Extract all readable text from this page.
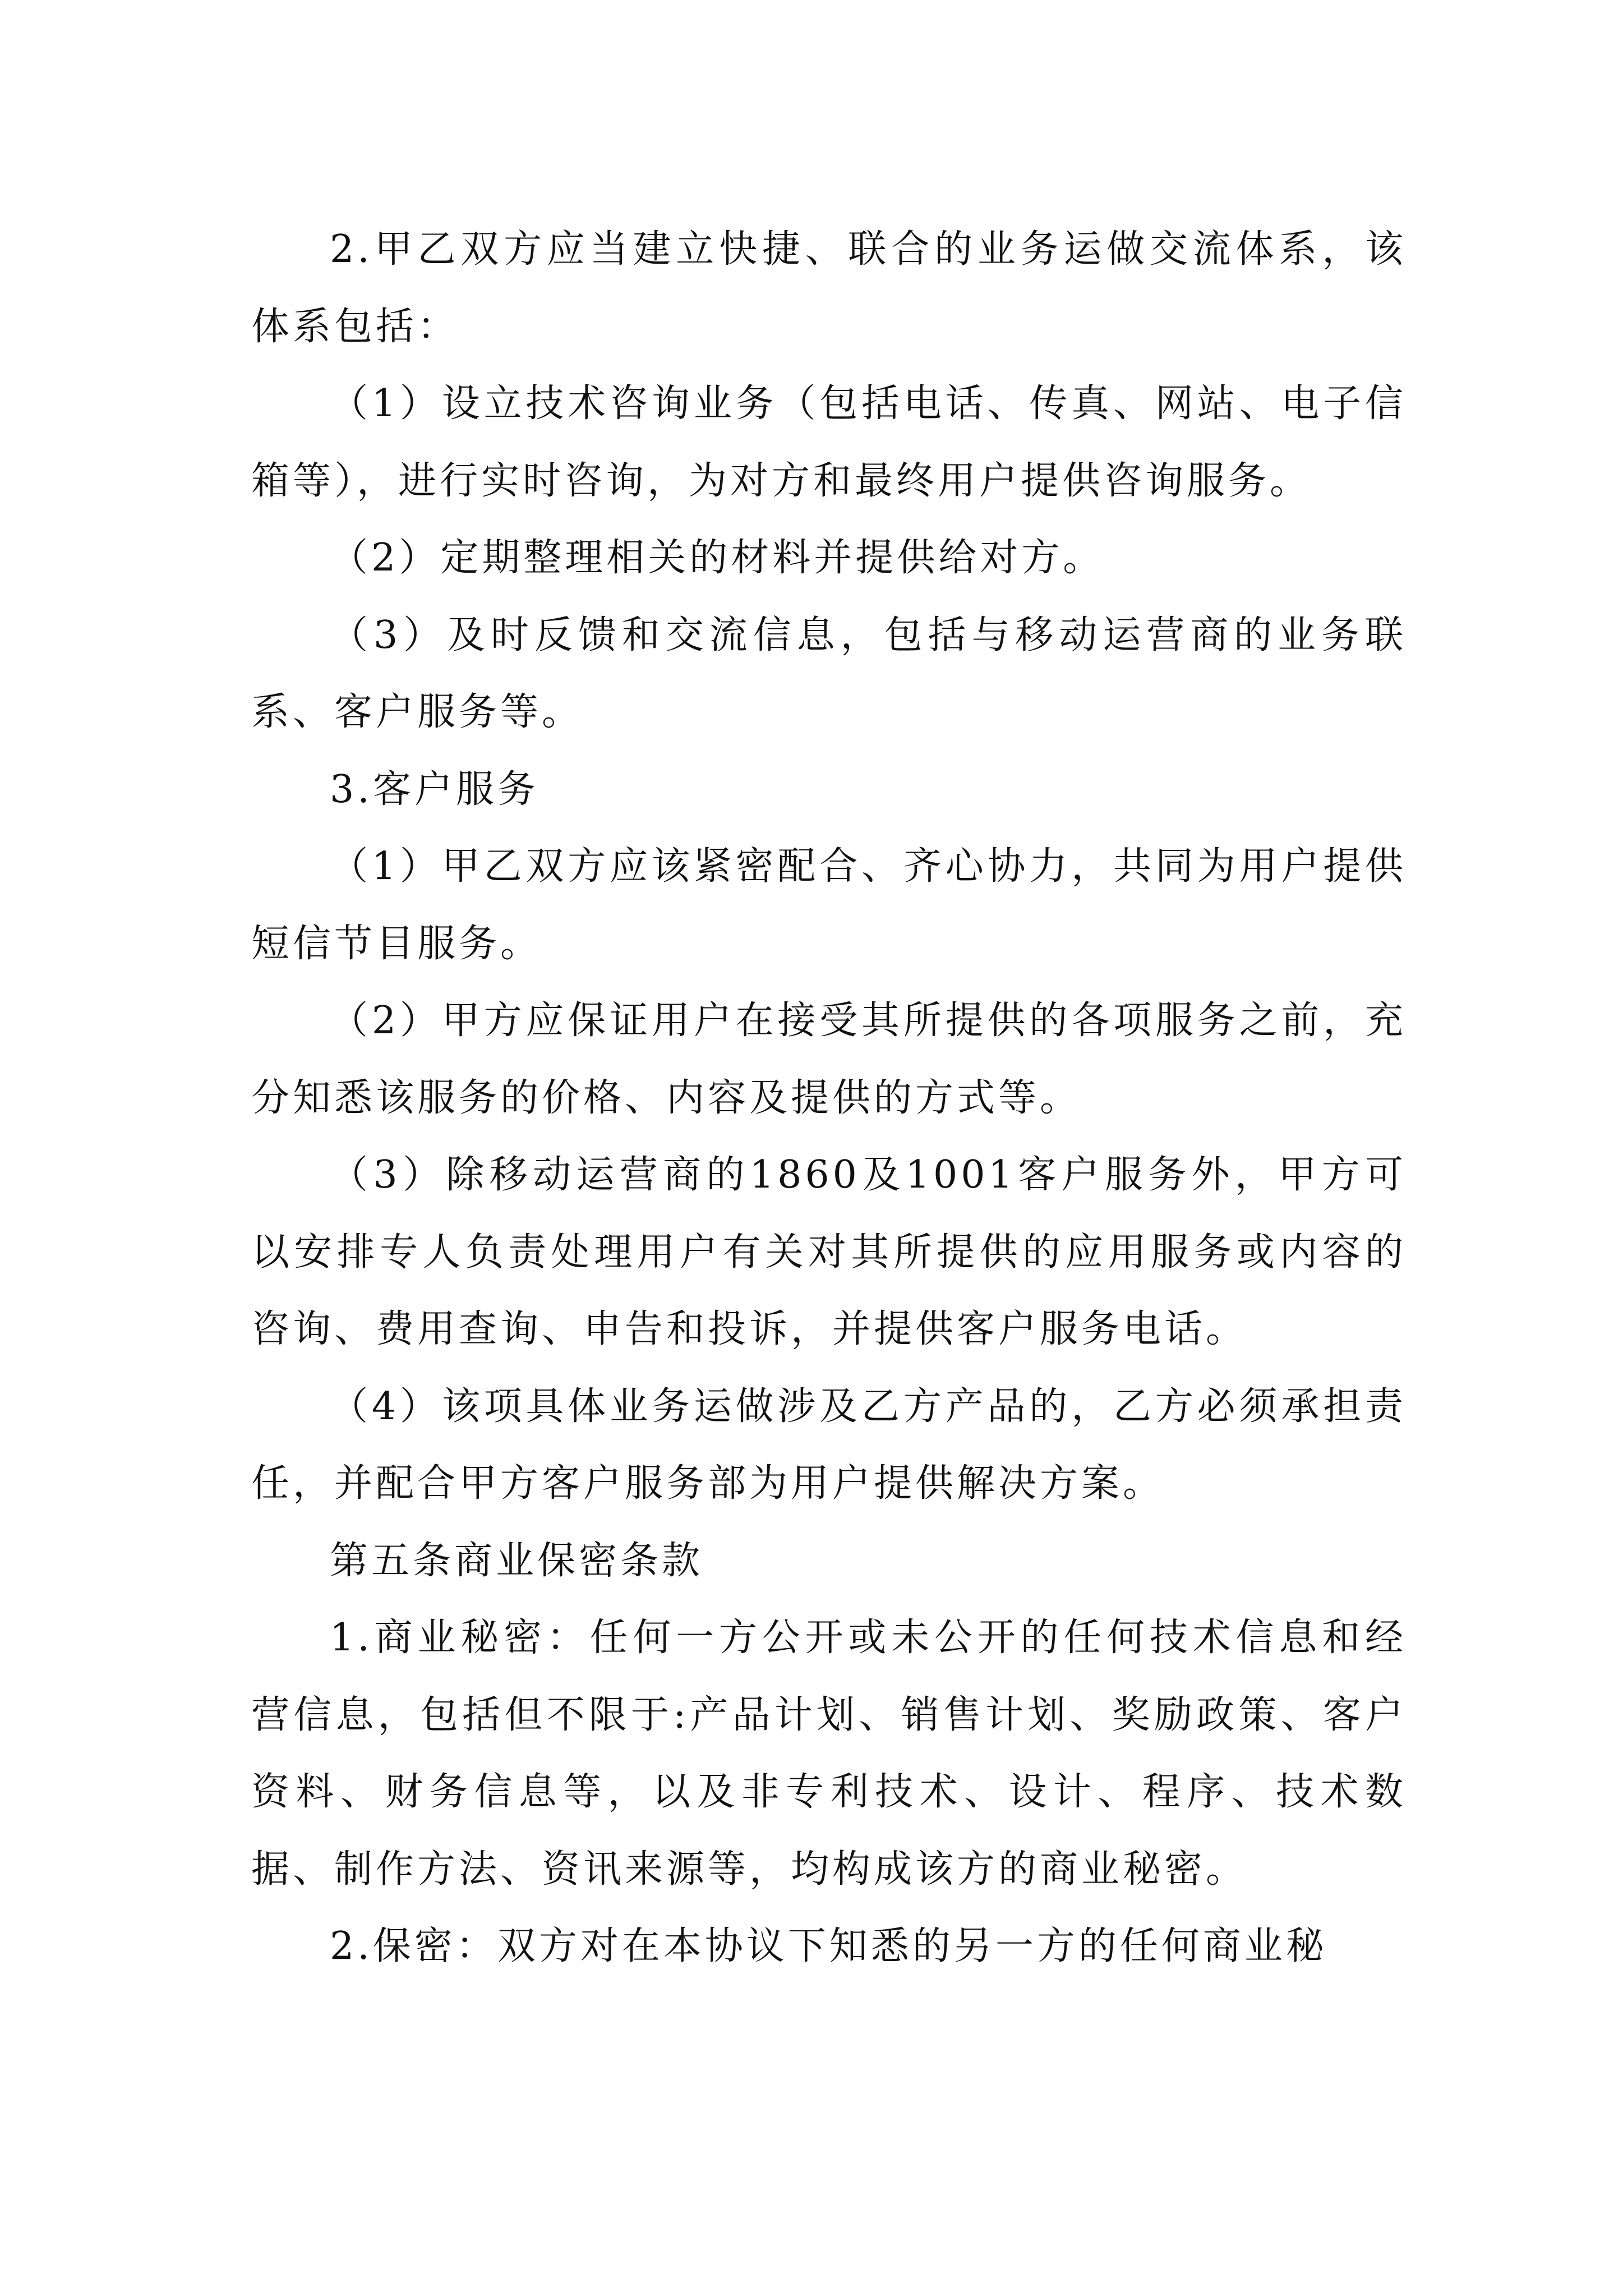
2.甲乙双方应当建立快捷、联合的业务运做交流体系，该体系包括：

（1）设立技术咨询业务（包括电话、传真、网站、电子信箱等），进行实时咨询，为对方和最终用户提供咨询服务。

（2）定期整理相关的材料并提供给对方。

（3）及时反馈和交流信息，包括与移动运营商的业务联系、客户服务等。

3.客户服务

（1）甲乙双方应该紧密配合、齐心协力，共同为用户提供短信节目服务。

（2）甲方应保证用户在接受其所提供的各项服务之前，充分知悉该服务的价格、内容及提供的方式等。

（3）除移动运营商的1860及1001客户服务外，甲方可以安排专人负责处理用户有关对其所提供的应用服务或内容的咨询、费用查询、申告和投诉，并提供客户服务电话。

（4）该项具体业务运做涉及乙方产品的，乙方必须承担责任，并配合甲方客户服务部为用户提供解决方案。

第五条商业保密条款

1.商业秘密：任何一方公开或未公开的任何技术信息和经营信息，包括但不限于:产品计划、销售计划、奖励政策、客户资料、财务信息等，以及非专利技术、设计、程序、技术数据、制作方法、资讯来源等，均构成该方的商业秘密。

2.保密：双方对在本协议下知悉的另一方的任何商业秘
